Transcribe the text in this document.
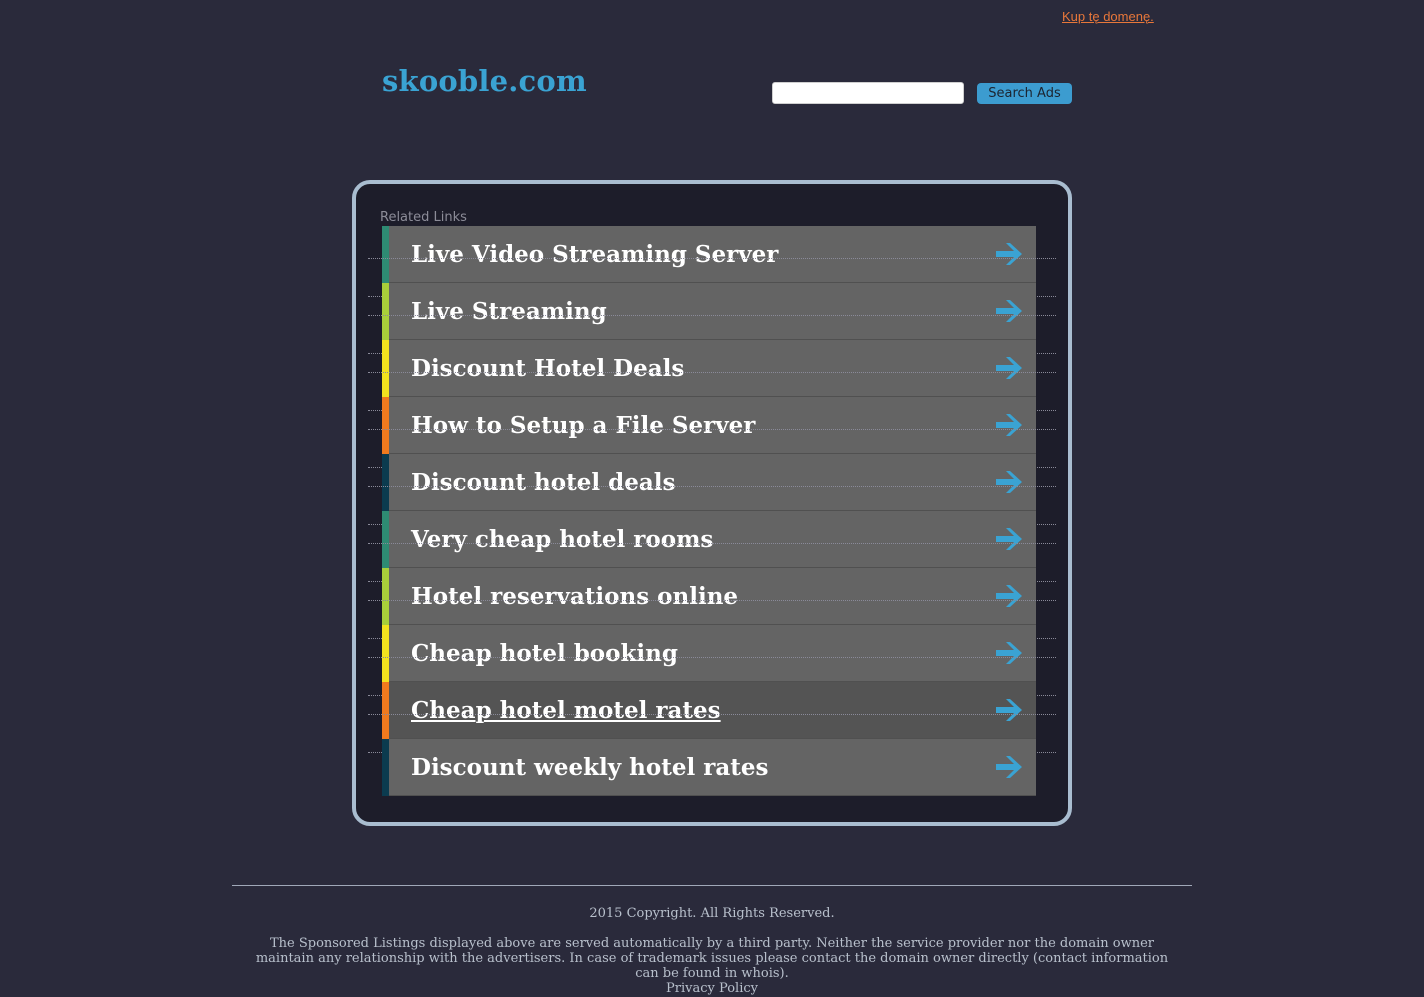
Kup tę domenę.
skooble.com	Search Ads
Related Links
Live Video Streaming Server
Live Streaming
Discount Hotel Deals
How to Setup a File Server
Discount hotel deals
Very cheap hotel rooms
Hotel reservations online
Cheap hotel booking
Cheap hotel motel rates
Discount weekly hotel rates
2015 Copyright. All Rights Reserved.
The Sponsored Listings displayed above are served automatically by a third party. Neither the service provider nor the domain owner maintain any relationship with the advertisers. In case of trademark issues please contact the domain owner directly (contact information can be found in whois).
Privacy Policy
